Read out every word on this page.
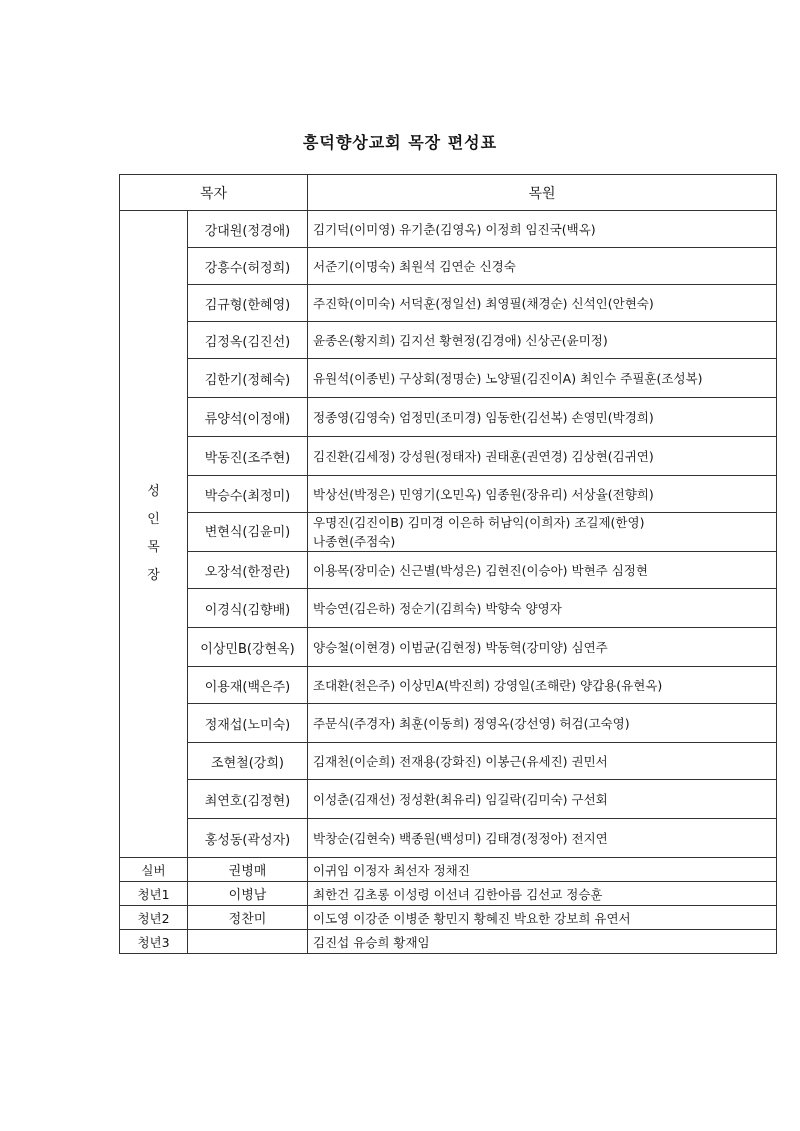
흥덕향상교회 목장 편성표
목자		목원
성
인
목
장	강대원(정경애)	김기덕(이미영) 유기춘(김영옥) 이정희 임진국(백옥)
	강흥수(허정희)	서준기(이명숙) 최원석 김연순 신경숙
	김규형(한혜영)	주진학(이미숙) 서덕훈(정일선) 최영필(채경순) 신석인(안현숙)
	김정옥(김진선)	윤종온(황지희) 김지선 황현정(김경애) 신상곤(윤미정)
	김한기(정혜숙)	유원석(이종빈) 구상회(정명순) 노양필(김진이A) 최인수 주필훈(조성복)
	류양석(이정애)	정종영(김영숙) 엄정민(조미경) 임동한(김선복) 손영민(박경희)
	박동진(조주현)	김진환(김세정) 강성원(정태자) 권태훈(권연경) 김상현(김귀연)
	박승수(최정미)	박상선(박정은) 민영기(오민옥) 임종원(장유리) 서상율(전향희)
	변현식(김윤미)	우명진(김진이B) 김미경 이은하 허남익(이희자) 조길제(한영)
나종현(주점숙)
	오장석(한정란)	이용목(장미순) 신근별(박성은) 김현진(이승아) 박현주 심정현
	이경식(김향배)	박승연(김은하) 정순기(김희숙) 박향숙 양영자
	이상민B(강현옥)	양승철(이현경) 이범균(김현정) 박동혁(강미양) 심연주
	이용재(백은주)	조대환(천은주) 이상민A(박진희) 강영일(조해란) 양갑용(유현옥)
	정재섭(노미숙)	주문식(주경자) 최훈(이동희) 정영옥(강선영) 허검(고숙영)
	조현철(강희)	김재천(이순희) 전재용(강화진) 이봉근(유세진) 권민서
	최연호(김정현)	이성춘(김재선) 정성환(최유리) 임길락(김미숙) 구선회
	홍성동(곽성자)	박창순(김현숙) 백종원(백성미) 김태경(정정아) 전지연
실버	권병매	이귀임 이정자 최선자 정채진
청년1	이병남	최한건 김초롱 이성령 이선녀 김한아름 김선교 정승훈
청년2	정찬미	이도영 이강준 이병준 황민지 황혜진 박요한 강보희 유연서
청년3		김진섭 유승희 황재임
